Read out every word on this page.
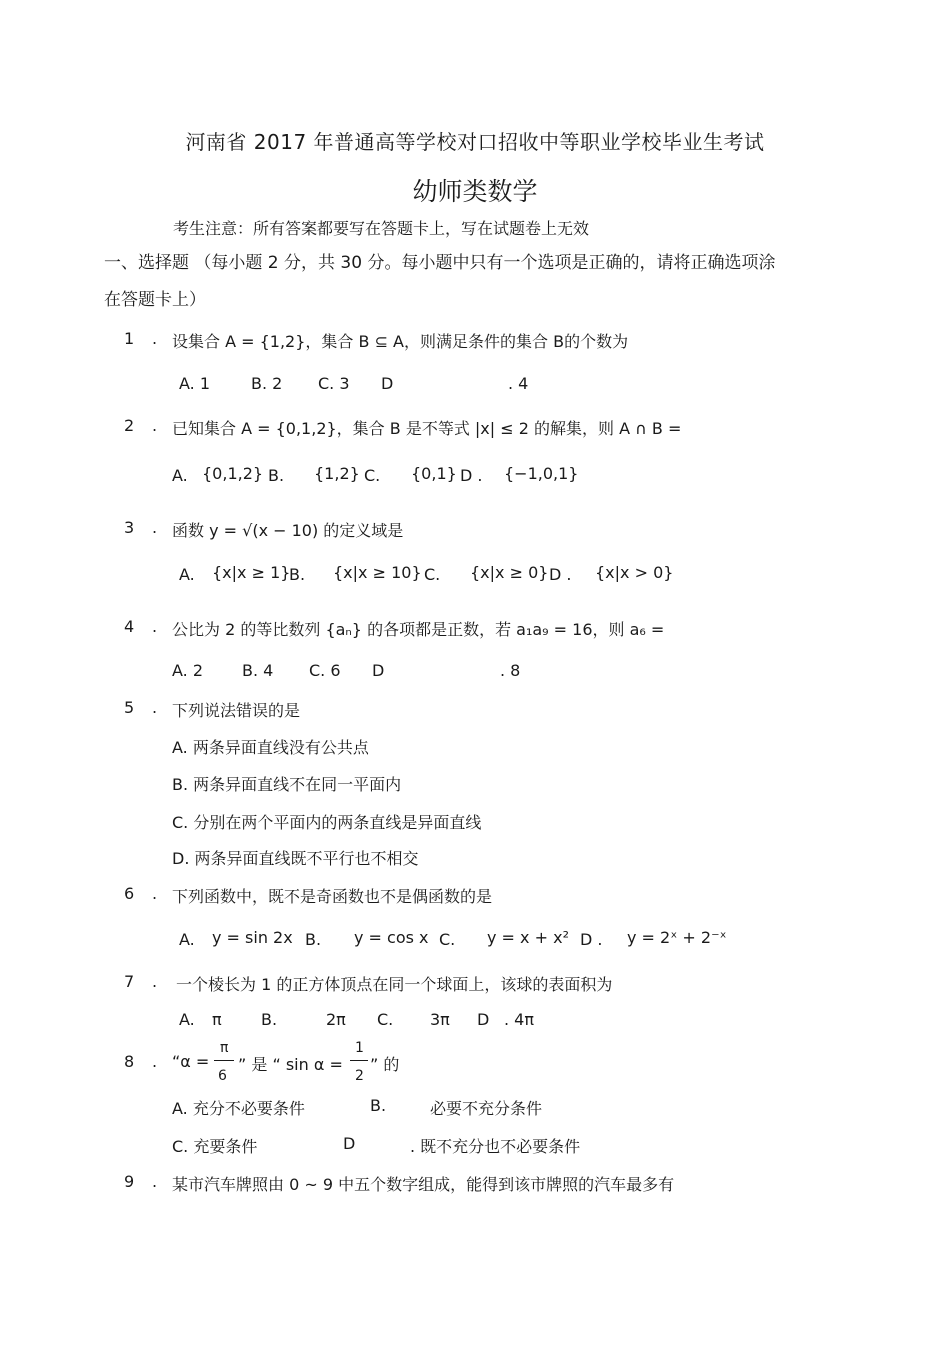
河南省 2017 年普通高等学校对口招收中等职业学校毕业生考试
幼师类数学
考生注意：所有答案都要写在答题卡上，写在试题卷上无效
一、选择题 （每小题 2 分，共 30 分。每小题中只有一个选项是正确的，请将正确选项涂
在答题卡上）
1 . 设集合 A = {1,2}，集合 B ⊆ A，则满足条件的集合 B的个数为
A. 1	B. 2 C. 3 D	. 4
2 . 已知集合 A = {0,1,2}，集合 B 是不等式 |x| ≤ 2 的解集，则 A ∩ B =
A. {0,1,2} B. {1,2} C. {0,1} D . {−1,0,1}
3 . 函数 y = √(x − 10) 的定义域是
A. {x|x ≥ 1}
B. {x|x ≥ 10} C. {x|x ≥ 0} D . {x|x > 0}
4 . 公比为 2 的等比数列 {aₙ} 的各项都是正数，若 a₁a₉ = 16，则 a₆ =
A. 2 B. 4 C. 6 D	. 8
5 . 下列说法错误的是
A. 两条异面直线没有公共点
B. 两条异面直线不在同一平面内
C. 分别在两个平面内的两条直线是异面直线
D. 两条异面直线既不平行也不相交
6 . 下列函数中，既不是奇函数也不是偶函数的是
A. y = sin 2x B. y = cos x C. y = x + x² D . y = 2ˣ + 2⁻ˣ
7 . 一个棱长为 1 的正方体顶点在同一个球面上，该球的表面积为
A. π B.	2π C. 3π D . 4π
8 . “α =
π
6
” 是 “ sin α =
1
2
” 的
A. 充分不必要条件	B.	必要不充分条件
C. 充要条件	D	. 既不充分也不必要条件
9 . 某市汽车牌照由 0 ~ 9 中五个数字组成，能得到该市牌照的汽车最多有
